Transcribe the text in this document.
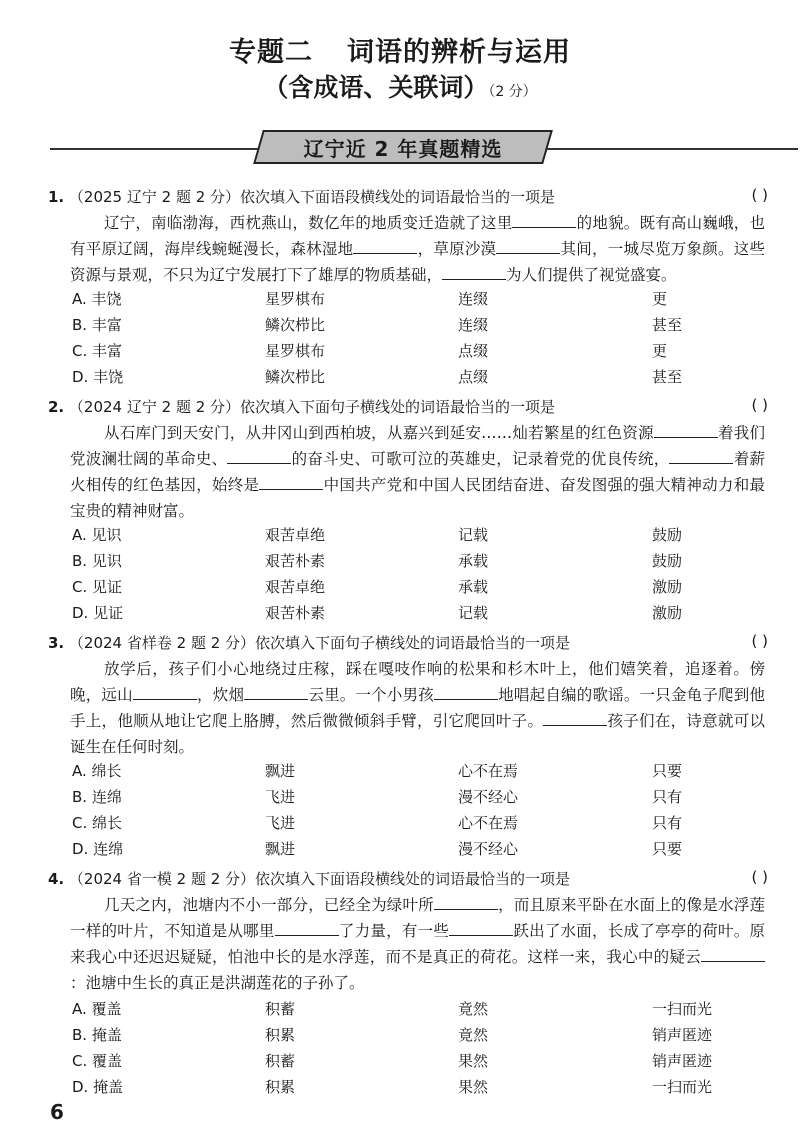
专题二 词语的辨析与运用
（含成语、关联词）（2 分）
辽宁近 2 年真题精选
1. （2025 辽宁 2 题 2 分）依次填入下面语段横线处的词语最恰当的一项是	( )
辽宁，南临渤海，西枕燕山，数亿年的地质变迁造就了这里	的地貌。既有高山巍峨，也有平原辽阔，海岸线蜿蜒漫长，森林湿地	，草原沙漠	其间，一城尽览万象颜。这些资源与景观，不只为辽宁发展打下了雄厚的物质基础，	为人们提供了视觉盛宴。
A. 丰饶	星罗棋布	连缀	更
B. 丰富	鳞次栉比	连缀	甚至
C. 丰富	星罗棋布	点缀	更
D. 丰饶	鳞次栉比	点缀	甚至
2. （2024 辽宁 2 题 2 分）依次填入下面句子横线处的词语最恰当的一项是	( )
从石库门到天安门，从井冈山到西柏坡，从嘉兴到延安……灿若繁星的红色资源	着我们党波澜壮阔的革命史、	的奋斗史、可歌可泣的英雄史，记录着党的优良传统，	着薪火相传的红色基因，始终是	中国共产党和中国人民团结奋进、奋发图强的强大精神动力和最宝贵的精神财富。
A. 见识	艰苦卓绝	记载	鼓励
B. 见识	艰苦朴素	承载	鼓励
C. 见证	艰苦卓绝	承载	激励
D. 见证	艰苦朴素	记载	激励
3. （2024 省样卷 2 题 2 分）依次填入下面句子横线处的词语最恰当的一项是	( )
放学后，孩子们小心地绕过庄稼，踩在嘎吱作响的松果和杉木叶上，他们嬉笑着，追逐着。傍晚，远山	，炊烟	云里。一个小男孩	地唱起自编的歌谣。一只金龟子爬到他手上，他顺从地让它爬上胳膊，然后微微倾斜手臂，引它爬回叶子。	孩子们在，诗意就可以诞生在任何时刻。
A. 绵长	飘进	心不在焉	只要
B. 连绵	飞进	漫不经心	只有
C. 绵长	飞进	心不在焉	只有
D. 连绵	飘进	漫不经心	只要
4. （2024 省一模 2 题 2 分）依次填入下面语段横线处的词语最恰当的一项是	( )
几天之内，池塘内不小一部分，已经全为绿叶所	，而且原来平卧在水面上的像是水浮莲一样的叶片，不知道是从哪里	了力量，有一些	跃出了水面，长成了亭亭的荷叶。原来我心中还迟迟疑疑，怕池中长的是水浮莲，而不是真正的荷花。这样一来，我心中的疑云：池塘中生长的真正是洪湖莲花的子孙了。
A. 覆盖	积蓄	竟然	一扫而光
B. 掩盖	积累	竟然	销声匿迹
C. 覆盖	积蓄	果然	销声匿迹
D. 掩盖	积累	果然	一扫而光
6
